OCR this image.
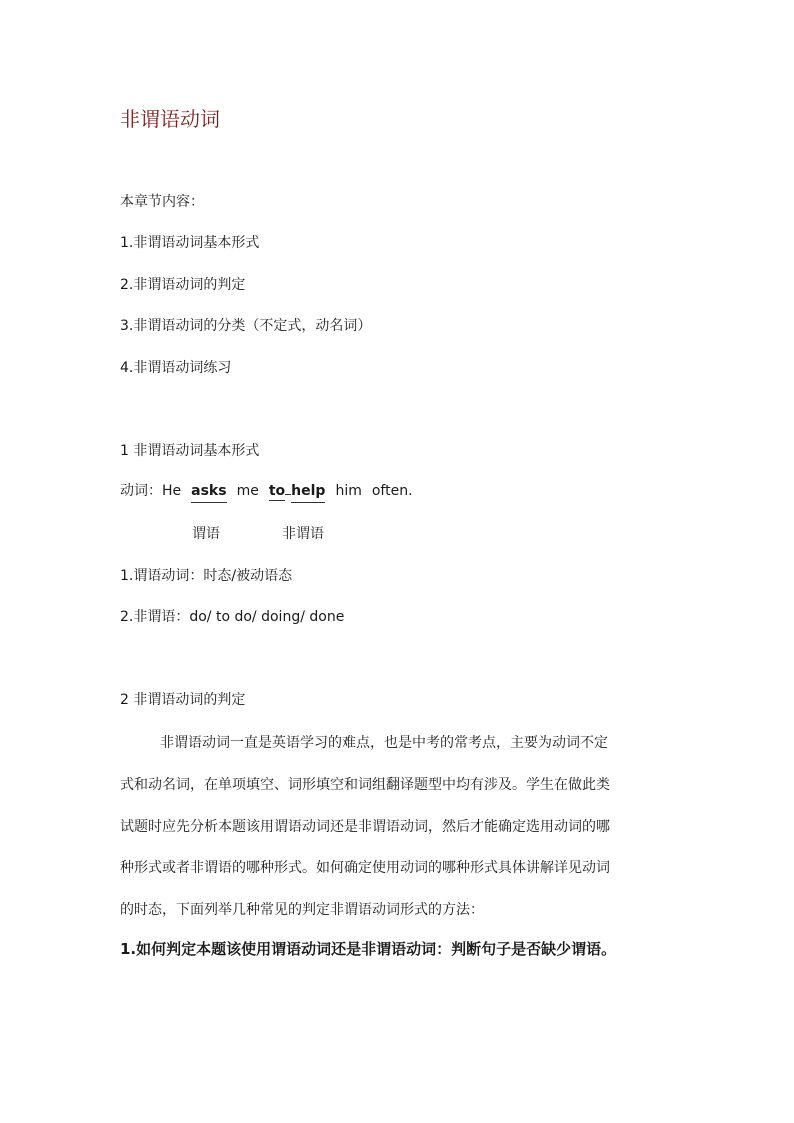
非谓语动词
本章节内容：
1.非谓语动词基本形式
2.非谓语动词的判定
3.非谓语动词的分类（不定式，动名词）
4.非谓语动词练习
1 非谓语动词基本形式
动词：He asks me to help him often.
谓语	非谓语
1.谓语动词：时态/被动语态
2.非谓语：do/ to do/ doing/ done
2 非谓语动词的判定
非谓语动词一直是英语学习的难点，也是中考的常考点，主要为动词不定
式和动名词，在单项填空、词形填空和词组翻译题型中均有涉及。学生在做此类
试题时应先分析本题该用谓语动词还是非谓语动词，然后才能确定选用动词的哪
种形式或者非谓语的哪种形式。如何确定使用动词的哪种形式具体讲解详见动词
的时态，下面列举几种常见的判定非谓语动词形式的方法：
1.如何判定本题该使用谓语动词还是非谓语动词：判断句子是否缺少谓语。
